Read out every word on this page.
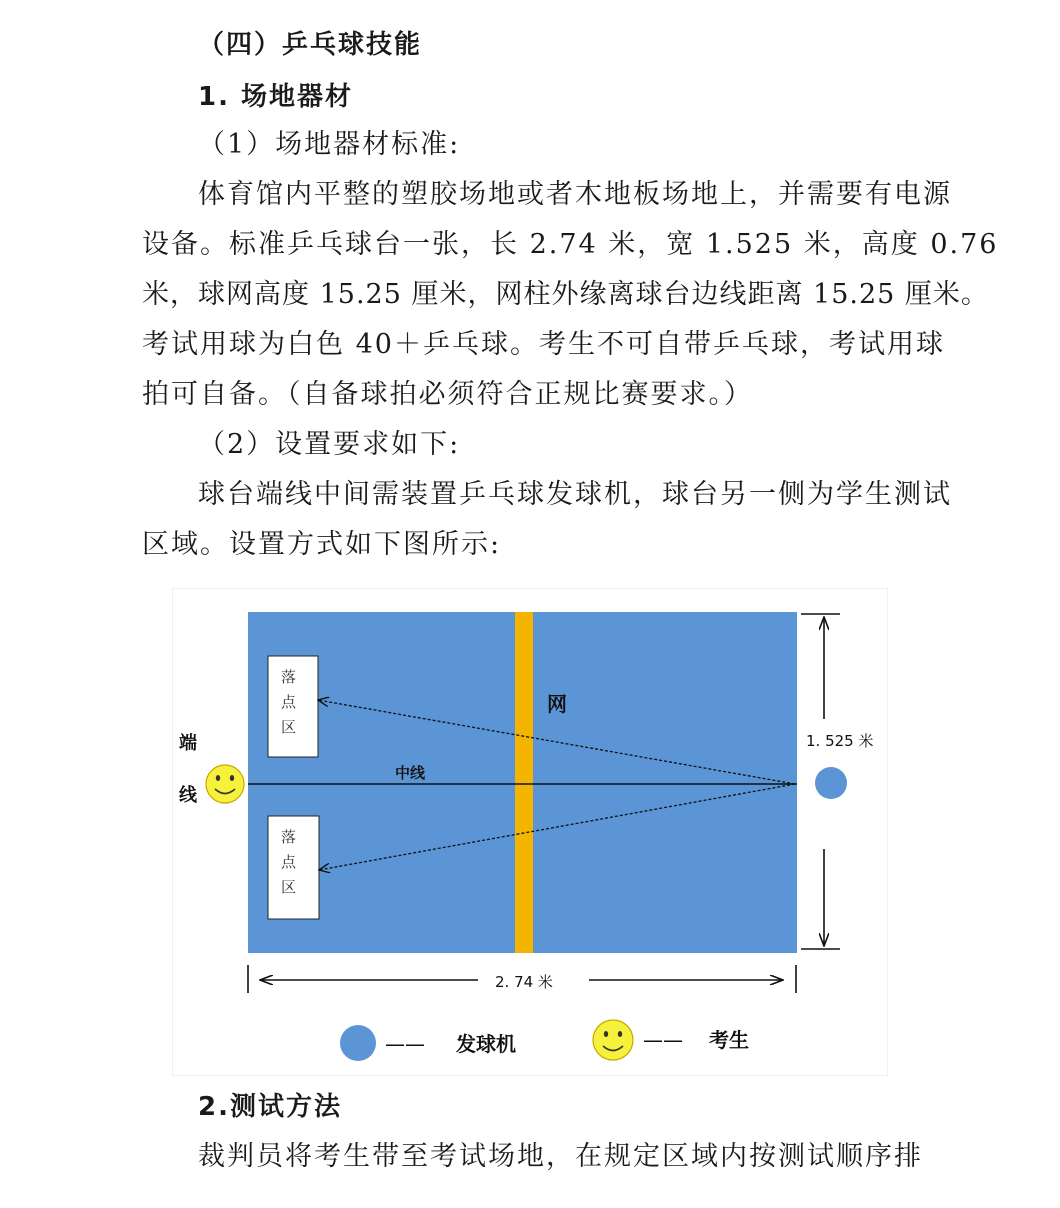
（四）乒乓球技能
1. 场地器材
（1）场地器材标准:
体育馆内平整的塑胶场地或者木地板场地上，并需要有电源
设备。标准乒乓球台一张，长 2.74 米，宽 1.525 米，高度 0.76
米，球网高度 15.25 厘米，网柱外缘离球台边线距离 15.25 厘米。
考试用球为白色 40＋乒乓球。考生不可自带乒乓球，考试用球
拍可自备。（自备球拍必须符合正规比赛要求。）
（2）设置要求如下:
球台端线中间需装置乒乓球发球机，球台另一侧为学生测试
区域。设置方式如下图所示:
网
中线
落
点
区
落
点
区
端
线
1. 525 米
2. 74 米
—— 发球机	—— 考生
2.测试方法
裁判员将考生带至考试场地，在规定区域内按测试顺序排
